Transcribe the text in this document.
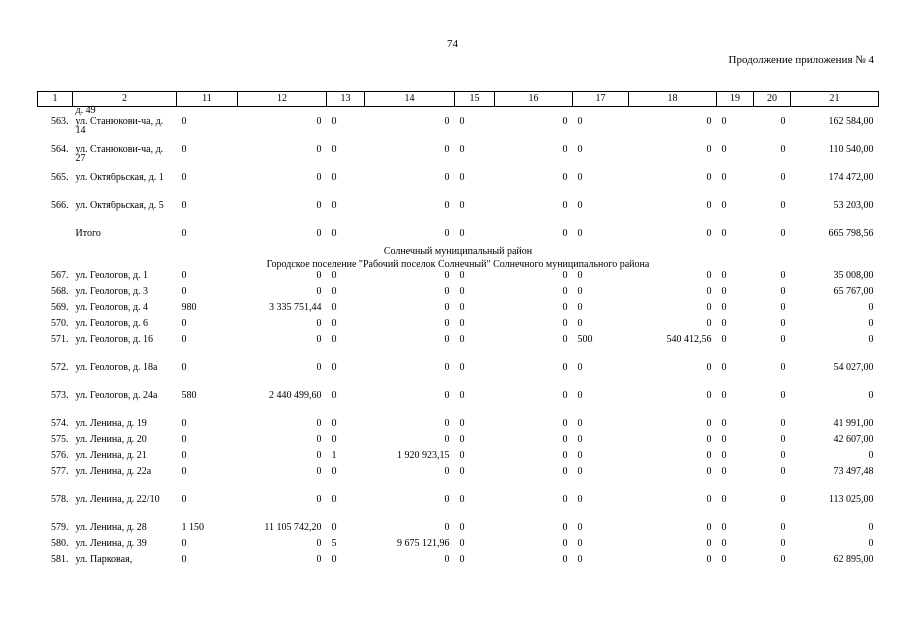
74
Продолжение приложения № 4
1	2	11	12	13	14	15	16	17	18	19	20	21
	д. 49											
563.	ул. Станюкови-ча, д. 14	0	0	0	0	0	0	0	0	0	0	162 584,00
564.	ул. Станюкови-ча, д. 27	0	0	0	0	0	0	0	0	0	0	110 540,00
565.	ул. Октябрьская, д. 1	0	0	0	0	0	0	0	0	0	0	174 472,00
566.	ул. Октябрьская, д. 5	0	0	0	0	0	0	0	0	0	0	53 203,00
	Итого	0	0	0	0	0	0	0	0	0	0	665 798,56
Солнечный муниципальный район												
Городское поселение "Рабочий поселок Солнечный" Солнечного муниципального района												
567.	ул. Геологов, д. 1	0	0	0	0	0	0	0	0	0	0	35 008,00
568.	ул. Геологов, д. 3	0	0	0	0	0	0	0	0	0	0	65 767,00
569.	ул. Геологов, д. 4	980	3 335 751,44	0	0	0	0	0	0	0	0	0
570.	ул. Геологов, д. 6	0	0	0	0	0	0	0	0	0	0	0
571.	ул. Геологов, д. 16	0	0	0	0	0	0	500	540 412,56	0	0	0
572.	ул. Геологов, д. 18а	0	0	0	0	0	0	0	0	0	0	54 027,00
573.	ул. Геологов, д. 24а	580	2 440 499,60	0	0	0	0	0	0	0	0	0
574.	ул. Ленина, д. 19	0	0	0	0	0	0	0	0	0	0	41 991,00
575.	ул. Ленина, д. 20	0	0	0	0	0	0	0	0	0	0	42 607,00
576.	ул. Ленина, д. 21	0	0	1	1 920 923,15	0	0	0	0	0	0	0
577.	ул. Ленина, д. 22а	0	0	0	0	0	0	0	0	0	0	73 497,48
578.	ул. Ленина, д. 22/10	0	0	0	0	0	0	0	0	0	0	113 025,00
579.	ул. Ленина, д. 28	1 150	11 105 742,20	0	0	0	0	0	0	0	0	0
580.	ул. Ленина, д. 39	0	0	5	9 675 121,96	0	0	0	0	0	0	0
581.	ул. Парковая,	0	0	0	0	0	0	0	0	0	0	62 895,00
